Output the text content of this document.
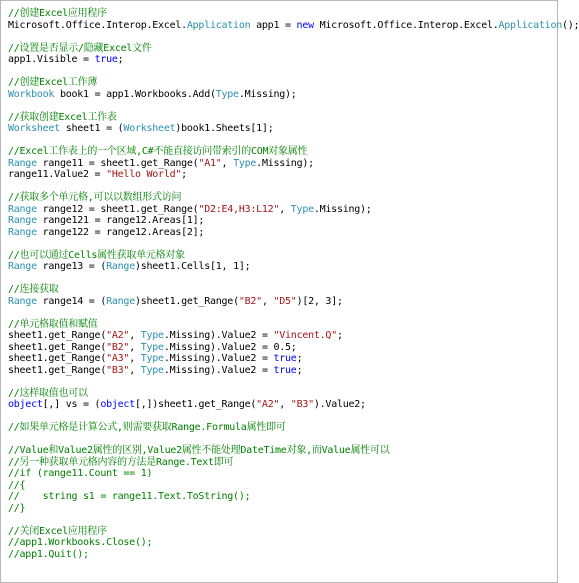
//创建Excel应用程序
Microsoft.Office.Interop.Excel.Application app1 = new Microsoft.Office.Interop.Excel.Application();
//设置是否显示/隐藏Excel文件
app1.Visible = true;
//创建Excel工作薄
Workbook book1 = app1.Workbooks.Add(Type.Missing);
//获取创建Excel工作表
Worksheet sheet1 = (Worksheet)book1.Sheets[1];
//Excel工作表上的一个区域,C#不能直接访问带索引的COM对象属性
Range range11 = sheet1.get_Range("A1", Type.Missing);
range11.Value2 = "Hello World";
//获取多个单元格,可以以数组形式访问
Range range12 = sheet1.get_Range("D2:E4,H3:L12", Type.Missing);
Range range121 = range12.Areas[1];
Range range122 = range12.Areas[2];
//也可以通过Cells属性获取单元格对象
Range range13 = (Range)sheet1.Cells[1, 1];
//连接获取
Range range14 = (Range)sheet1.get_Range("B2", "D5")[2, 3];
//单元格取值和赋值
sheet1.get_Range("A2", Type.Missing).Value2 = "Vincent.Q";
sheet1.get_Range("B2", Type.Missing).Value2 = 0.5;
sheet1.get_Range("A3", Type.Missing).Value2 = true;
sheet1.get_Range("B3", Type.Missing).Value2 = true;
//这样取值也可以
object[,] vs = (object[,])sheet1.get_Range("A2", "B3").Value2;
//如果单元格是计算公式,则需要获取Range.Formula属性即可
//Value和Value2属性的区别,Value2属性不能处理DateTime对象,而Value属性可以
//另一种获取单元格内容的方法是Range.Text即可
//if (range11.Count == 1)
//{
//    string s1 = range11.Text.ToString();
//}
//关闭Excel应用程序
//app1.Workbooks.Close();
//app1.Quit();
